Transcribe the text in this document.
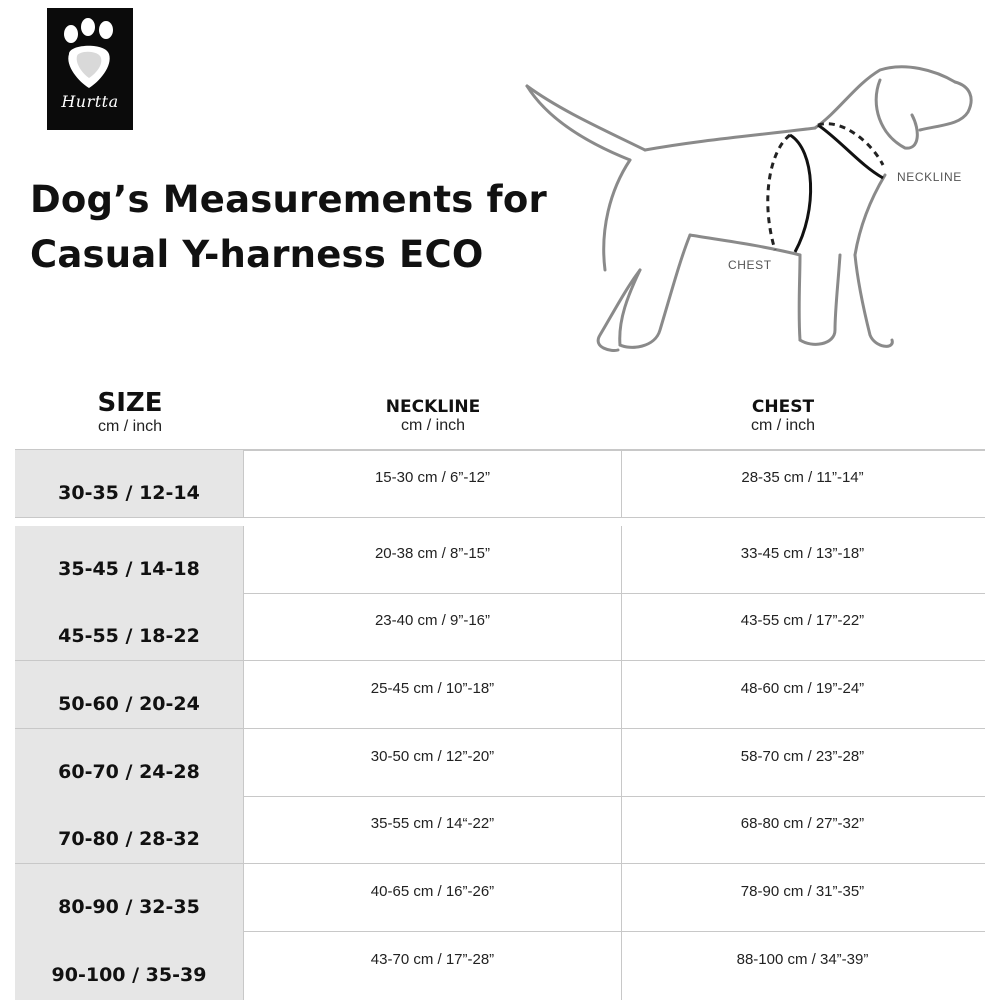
Hurtta
Dog’s Measurements for
Casual Y-harness ECO
NECKLINE
CHEST
SIZE
cm / inch
NECKLINE
cm / inch
CHEST
cm / inch
30-35 / 12-14
15-30 cm / 6”-12”	28-35 cm / 11”-14”
35-45 / 14-18
20-38 cm / 8”-15”	33-45 cm / 13”-18”
45-55 / 18-22
23-40 cm / 9”-16”	43-55 cm / 17”-22”
50-60 / 20-24
25-45 cm / 10”-18”	48-60 cm / 19”-24”
60-70 / 24-28
30-50 cm / 12”-20”	58-70 cm / 23”-28”
70-80 / 28-32
35-55 cm / 14“-22”	68-80 cm / 27”-32”
80-90 / 32-35
40-65 cm / 16”-26”	78-90 cm / 31”-35”
90-100 / 35-39
43-70 cm / 17”-28”	88-100 cm / 34”-39”
